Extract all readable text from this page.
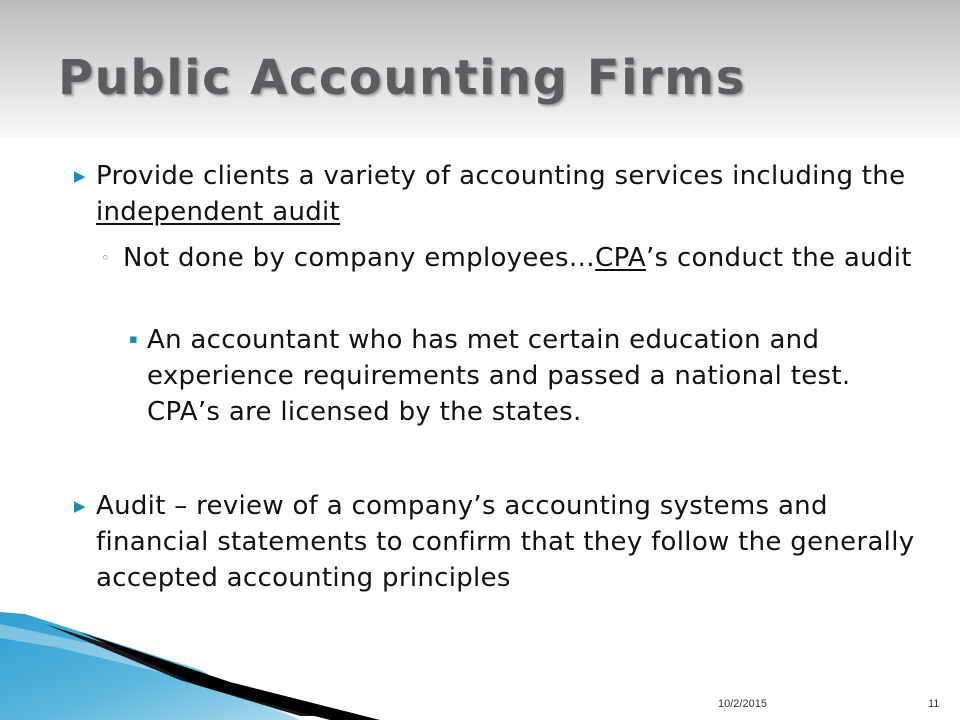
Public Accounting Firms
▶ Provide clients a variety of accounting services including the independent audit
◦ Not done by company employees…CPA’s conduct the audit
▪ An accountant who has met certain education and experience requirements and passed a national test. CPA’s are licensed by the states.
▶ Audit – review of a company’s accounting systems and financial statements to confirm that they follow the generally accepted accounting principles
10/2/2015	11
